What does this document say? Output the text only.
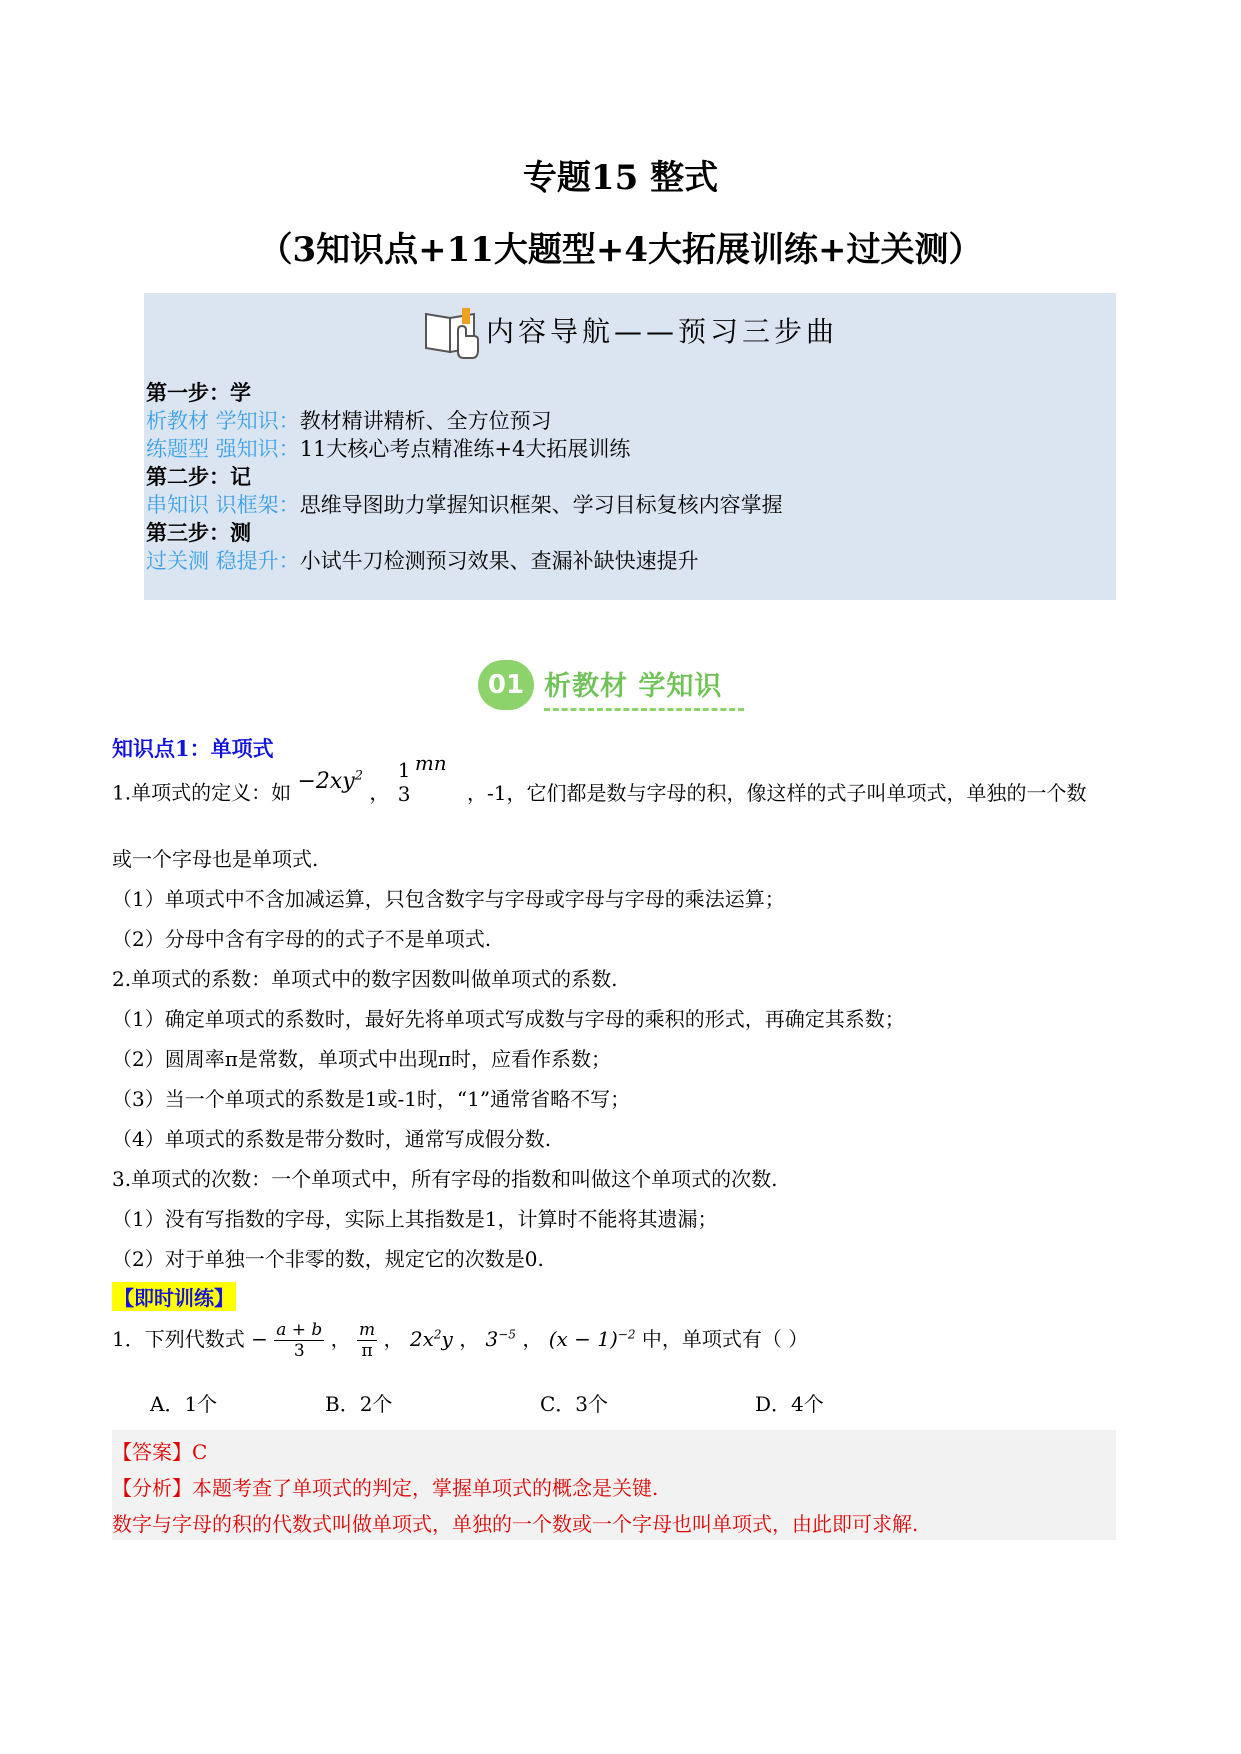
专题15 整式
（3知识点+11大题型+4大拓展训练+过关测）
内容导航——预习三步曲
第一步：学
析教材 学知识：教材精讲精析、全方位预习
练题型 强知识：11大核心考点精准练+4大拓展训练
第二步：记
串知识 识框架：思维导图助力掌握知识框架、学习目标复核内容掌握
第三步：测
过关测 稳提升：小试牛刀检测预习效果、查漏补缺快速提升
01 析教材 学知识
知识点1：单项式
1.单项式的定义：如 $-2xy^2$ ，
1
3
mn ，-1，它们都是数与字母的积，像这样的式子叫单项式，单独的一个数
或一个字母也是单项式.
（1）单项式中不含加减运算，只包含数字与字母或字母与字母的乘法运算；
（2）分母中含有字母的的式子不是单项式.
2.单项式的系数：单项式中的数字因数叫做单项式的系数.
（1）确定单项式的系数时，最好先将单项式写成数与字母的乘积的形式，再确定其系数；
（2）圆周率π是常数，单项式中出现π时，应看作系数；
（3）当一个单项式的系数是1或-1时，“1”通常省略不写；
（4）单项式的系数是带分数时，通常写成假分数.
3.单项式的次数：一个单项式中，所有字母的指数和叫做这个单项式的次数.
（1）没有写指数的字母，实际上其指数是1，计算时不能将其遗漏；
（2）对于单独一个非零的数，规定它的次数是0.
【即时训练】
1．下列代数式 − $\frac{a + b}{3}$ ， $\frac{m}{\pi}$ ， $2x^2y$ ， $3^{-5}$ ， $(x - 1)^{-2}$ 中，单项式有（ ）
A．1个	B．2个	C．3个	D．4个
【答案】C
【分析】本题考查了单项式的判定，掌握单项式的概念是关键.
数字与字母的积的代数式叫做单项式，单独的一个数或一个字母也叫单项式，由此即可求解.
